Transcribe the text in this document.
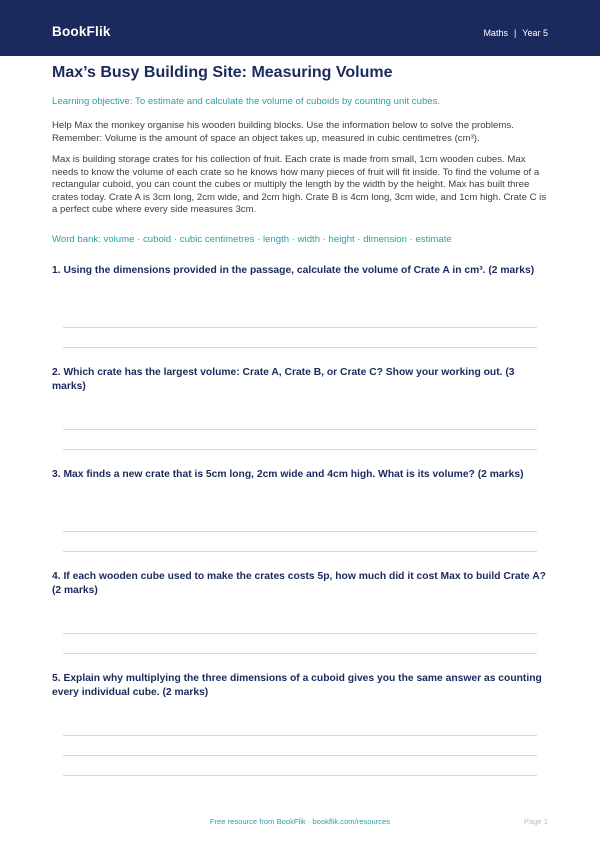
BookFlik	Maths | Year 5
Max’s Busy Building Site: Measuring Volume

Learning objective: To estimate and calculate the volume of cuboids by counting unit cubes.

Help Max the monkey organise his wooden building blocks. Use the information below to solve the problems. Remember: Volume is the amount of space an object takes up, measured in cubic centimetres (cm³).

Max is building storage crates for his collection of fruit. Each crate is made from small, 1cm wooden cubes. Max needs to know the volume of each crate so he knows how many pieces of fruit will fit inside. To find the volume of a rectangular cuboid, you can count the cubes or multiply the length by the width by the height. Max has built three crates today. Crate A is 3cm long, 2cm wide, and 2cm high. Crate B is 4cm long, 3cm wide, and 1cm high. Crate C is a perfect cube where every side measures 3cm.

Word bank: volume · cuboid · cubic centimetres · length · width · height · dimension · estimate

1. Using the dimensions provided in the passage, calculate the volume of Crate A in cm³. (2 marks)
2. Which crate has the largest volume: Crate A, Crate B, or Crate C? Show your working out. (3 marks)
3. Max finds a new crate that is 5cm long, 2cm wide and 4cm high. What is its volume? (2 marks)
4. If each wooden cube used to make the crates costs 5p, how much did it cost Max to build Crate A? (2 marks)
5. Explain why multiplying the three dimensions of a cuboid gives you the same answer as counting every individual cube. (2 marks)
Free resource from BookFlik · bookflik.com/resources	Page 1
